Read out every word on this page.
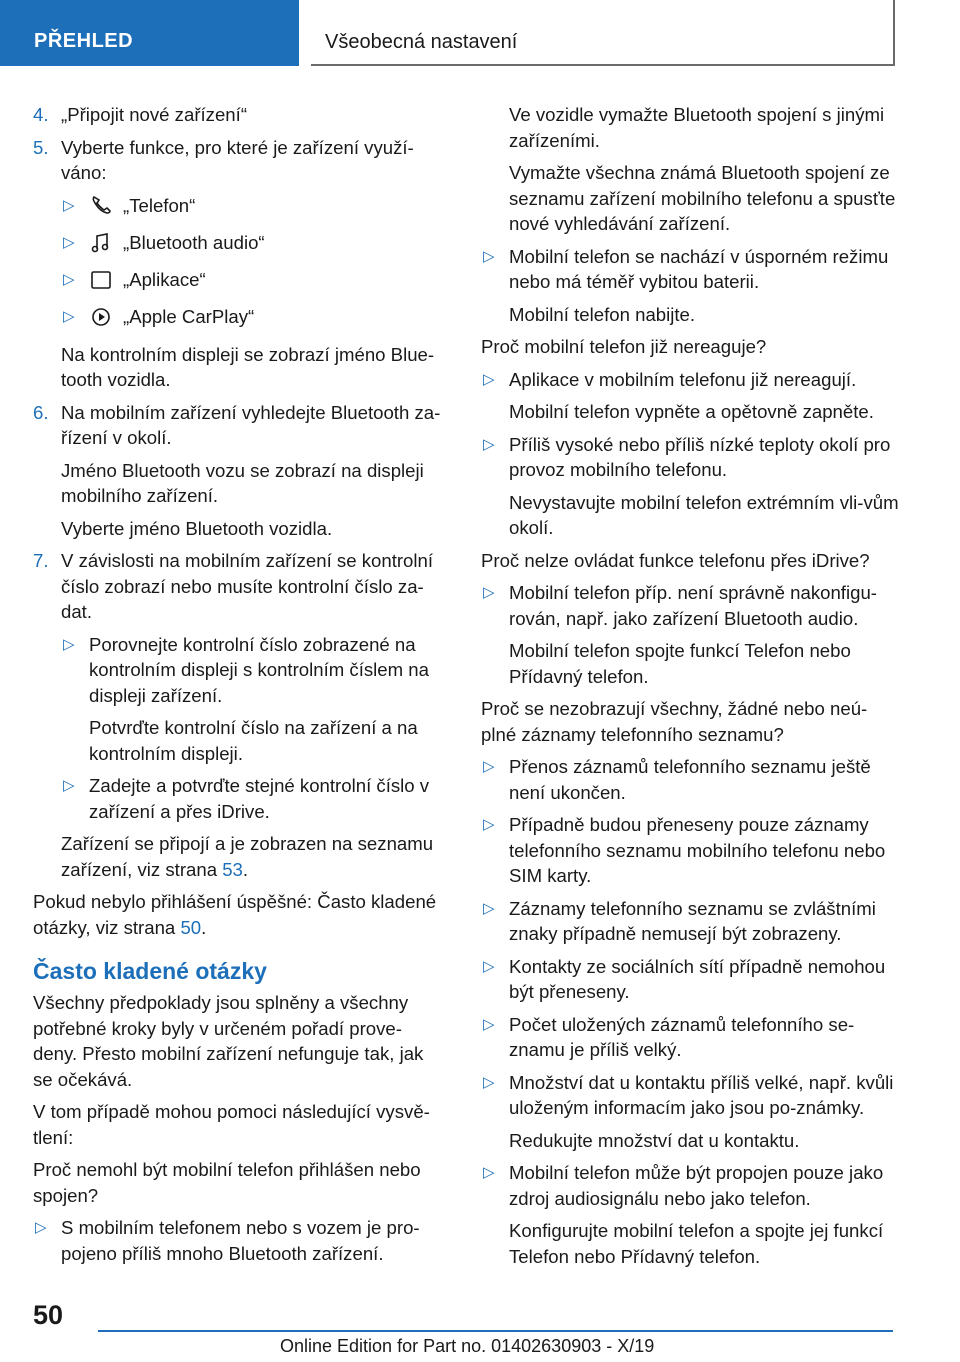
PŘEHLED	Všeobecná nastavení
4. „Připojit nové zařízení“
5. Vyberte funkce, pro které je zařízení využí-váno:
▷	„Telefon“
▷	„Bluetooth audio“
▷	„Aplikace“
▷	„Apple CarPlay“

Na kontrolním displeji se zobrazí jméno Blue-tooth vozidla.

6. Na mobilním zařízení vyhledejte Bluetooth za-řízení v okolí.

Jméno Bluetooth vozu se zobrazí na displeji mobilního zařízení.

Vyberte jméno Bluetooth vozidla.

7. V závislosti na mobilním zařízení se kontrolní číslo zobrazí nebo musíte kontrolní číslo za-dat.
▷ Porovnejte kontrolní číslo zobrazené na kontrolním displeji s kontrolním číslem na displeji zařízení.

Potvrďte kontrolní číslo na zařízení a na kontrolním displeji.

▷ Zadejte a potvrďte stejné kontrolní číslo v zařízení a přes iDrive.

Zařízení se připojí a je zobrazen na seznamu zařízení, viz strana 53.

Pokud nebylo přihlášení úspěšné: Často kladené otázky, viz strana 50.

Často kladené otázky

Všechny předpoklady jsou splněny a všechny potřebné kroky byly v určeném pořadí prove-deny. Přesto mobilní zařízení nefunguje tak, jak se očekává.

V tom případě mohou pomoci následující vysvě-tlení:

Proč nemohl být mobilní telefon přihlášen nebo spojen?

▷ S mobilním telefonem nebo s vozem je pro-pojeno příliš mnoho Bluetooth zařízení.

Ve vozidle vymažte Bluetooth spojení s jinými zařízeními.

Vymažte všechna známá Bluetooth spojení ze seznamu zařízení mobilního telefonu a spusťte nové vyhledávání zařízení.

▷ Mobilní telefon se nachází v úsporném režimu nebo má téměř vybitou baterii.

Mobilní telefon nabijte.

Proč mobilní telefon již nereaguje?

▷ Aplikace v mobilním telefonu již nereagují.

Mobilní telefon vypněte a opětovně zapněte.

▷ Příliš vysoké nebo příliš nízké teploty okolí pro provoz mobilního telefonu.

Nevystavujte mobilní telefon extrémním vli-vům okolí.

Proč nelze ovládat funkce telefonu přes iDrive?

▷ Mobilní telefon příp. není správně nakonfigu-rován, např. jako zařízení Bluetooth audio.

Mobilní telefon spojte funkcí Telefon nebo Přídavný telefon.

Proč se nezobrazují všechny, žádné nebo neú-plné záznamy telefonního seznamu?

▷ Přenos záznamů telefonního seznamu ještě není ukončen.
▷ Případně budou přeneseny pouze záznamy telefonního seznamu mobilního telefonu nebo SIM karty.
▷ Záznamy telefonního seznamu se zvláštními znaky případně nemusejí být zobrazeny.
▷ Kontakty ze sociálních sítí případně nemohou být přeneseny.
▷ Počet uložených záznamů telefonního se-znamu je příliš velký.
▷ Množství dat u kontaktu příliš velké, např. kvůli uloženým informacím jako jsou po-známky.

Redukujte množství dat u kontaktu.

▷ Mobilní telefon může být propojen pouze jako zdroj audiosignálu nebo jako telefon.

Konfigurujte mobilní telefon a spojte jej funkcí Telefon nebo Přídavný telefon.

50
Online Edition for Part no. 01402630903 - X/19
